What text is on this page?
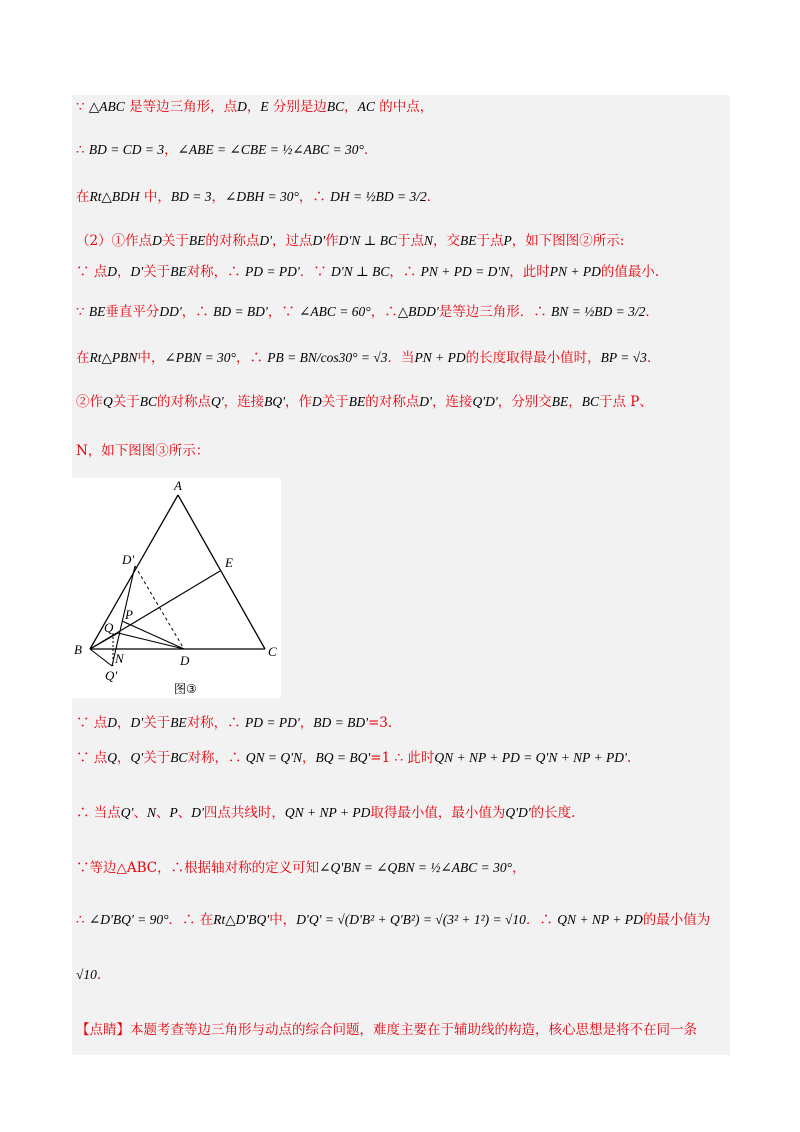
∵ △ABC 是等边三角形，点D，E 分别是边BC，AC 的中点，
∴ BD = CD = 3，∠ABE = ∠CBE = ½∠ABC = 30°．
在Rt△BDH 中，BD = 3，∠DBH = 30°，∴ DH = ½BD = 3/2．
（2）①作点D关于BE的对称点D'，过点D'作D'N ⊥ BC于点N，交BE于点P，如下图图②所示:
∵ 点D，D'关于BE对称，∴ PD = PD'．∵ D'N ⊥ BC，∴ PN + PD = D'N，此时PN + PD的值最小.
∵ BE垂直平分DD'，∴ BD = BD'，∵ ∠ABC = 60°，∴△BDD'是等边三角形．∴ BN = ½BD = 3/2．
在Rt△PBN中，∠PBN = 30°，∴ PB = BN/cos30° = √3．当PN + PD的长度取得最小值时，BP = √3．
②作Q关于BC的对称点Q'，连接BQ'，作D关于BE的对称点D'，连接Q'D'，分别交BE，BC于点 P、
N，如下图图③所示：
∵ 点D，D'关于BE对称，∴ PD = PD'，BD = BD'=3.
∵ 点Q，Q'关于BC对称，∴ QN = Q'N，BQ = BQ'=1 ∴ 此时QN + NP + PD = Q'N + NP + PD'.
∴ 当点Q'、N、P、D'四点共线时，QN + NP + PD取得最小值，最小值为Q'D'的长度.
∵等边△ABC，∴根据轴对称的定义可知∠Q'BN = ∠QBN = ½∠ABC = 30°，
∴ ∠D'BQ' = 90°．∴ 在Rt△D'BQ'中，D'Q' = √(D'B² + Q'B²) = √(3² + 1²) = √10．∴ QN + NP + PD的最小值为
√10.
【点睛】本题考查等边三角形与动点的综合问题，难度主要在于辅助线的构造，核心思想是将不在同一条
A
B	C
D
E
D'
P
Q
N
Q'
图③
